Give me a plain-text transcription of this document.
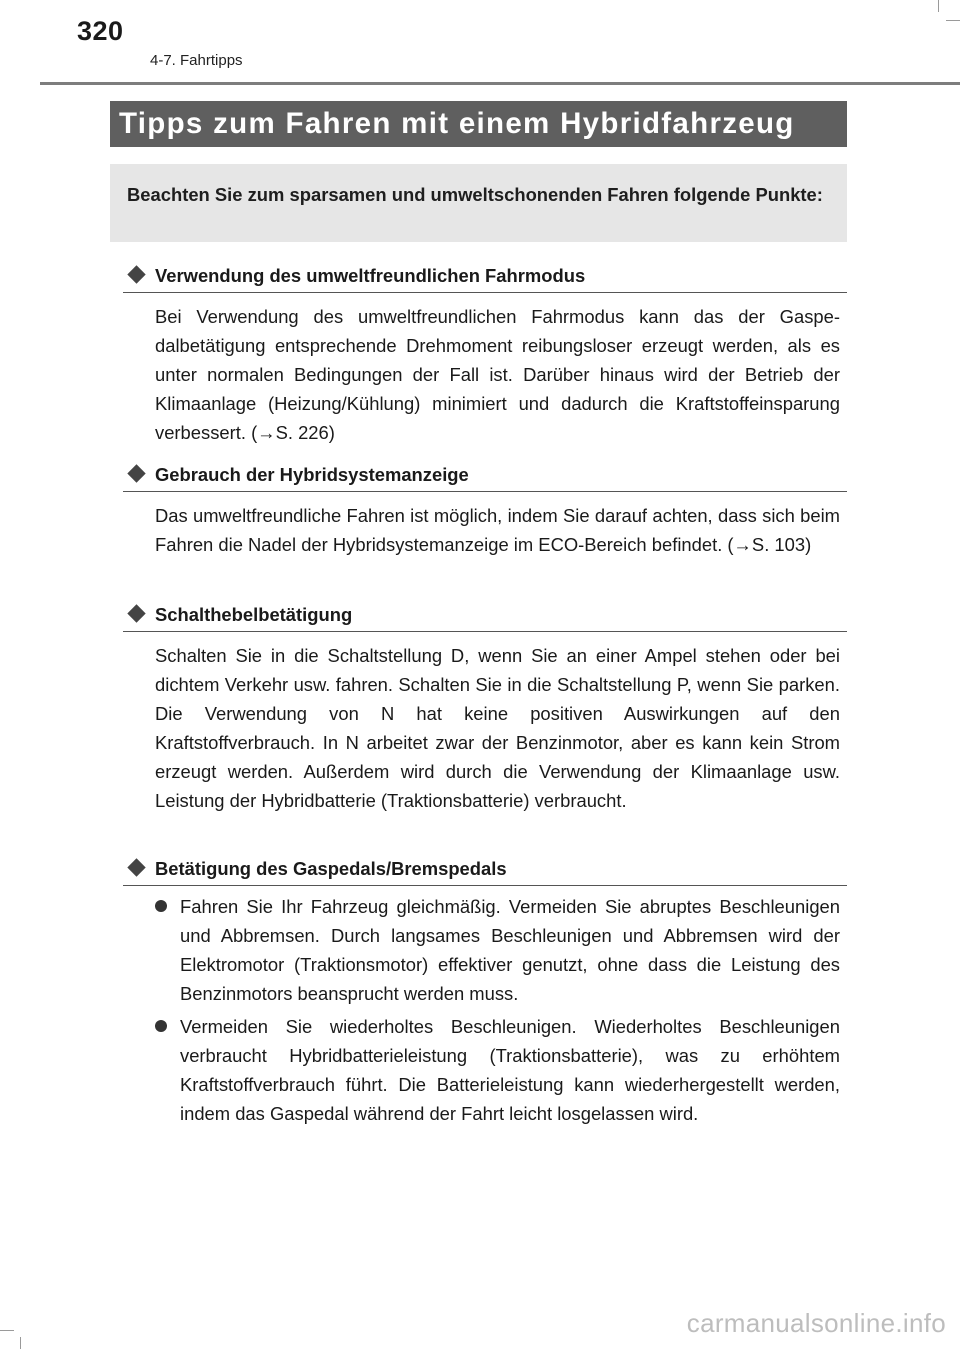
320
4-7. Fahrtipps
Tipps zum Fahren mit einem Hybridfahrzeug
Beachten Sie zum sparsamen und umweltschonenden Fahren folgende Punkte:
Verwendung des umweltfreundlichen Fahrmodus
Bei Verwendung des umweltfreundlichen Fahrmodus kann das der Gaspedalbetätigung entsprechende Drehmoment reibungsloser erzeugt werden, als es unter normalen Bedingungen der Fall ist. Darüber hinaus wird der Betrieb der Klimaanlage (Heizung/Kühlung) minimiert und dadurch die Kraftstoffeinsparung verbessert. (→S. 226)
Gebrauch der Hybridsystemanzeige
Das umweltfreundliche Fahren ist möglich, indem Sie darauf achten, dass sich beim Fahren die Nadel der Hybridsystemanzeige im ECO-Bereich befindet. (→S. 103)
Schalthebelbetätigung
Schalten Sie in die Schaltstellung D, wenn Sie an einer Ampel stehen oder bei dichtem Verkehr usw. fahren. Schalten Sie in die Schaltstellung P, wenn Sie parken. Die Verwendung von N hat keine positiven Auswirkungen auf den Kraftstoffverbrauch. In N arbeitet zwar der Benzinmotor, aber es kann kein Strom erzeugt werden. Außerdem wird durch die Verwendung der Klimaanlage usw. Leistung der Hybridbatterie (Traktionsbatterie) verbraucht.
Betätigung des Gaspedals/Bremspedals
Fahren Sie Ihr Fahrzeug gleichmäßig. Vermeiden Sie abruptes Beschleunigen und Abbremsen. Durch langsames Beschleunigen und Abbremsen wird der Elektromotor (Traktionsmotor) effektiver genutzt, ohne dass die Leistung des Benzinmotors beansprucht werden muss.
Vermeiden Sie wiederholtes Beschleunigen. Wiederholtes Beschleunigen verbraucht Hybridbatterieleistung (Traktionsbatterie), was zu erhöhtem Kraftstoffverbrauch führt. Die Batterieleistung kann wiederhergestellt werden, indem das Gaspedal während der Fahrt leicht losgelassen wird.
carmanualsonline.info
